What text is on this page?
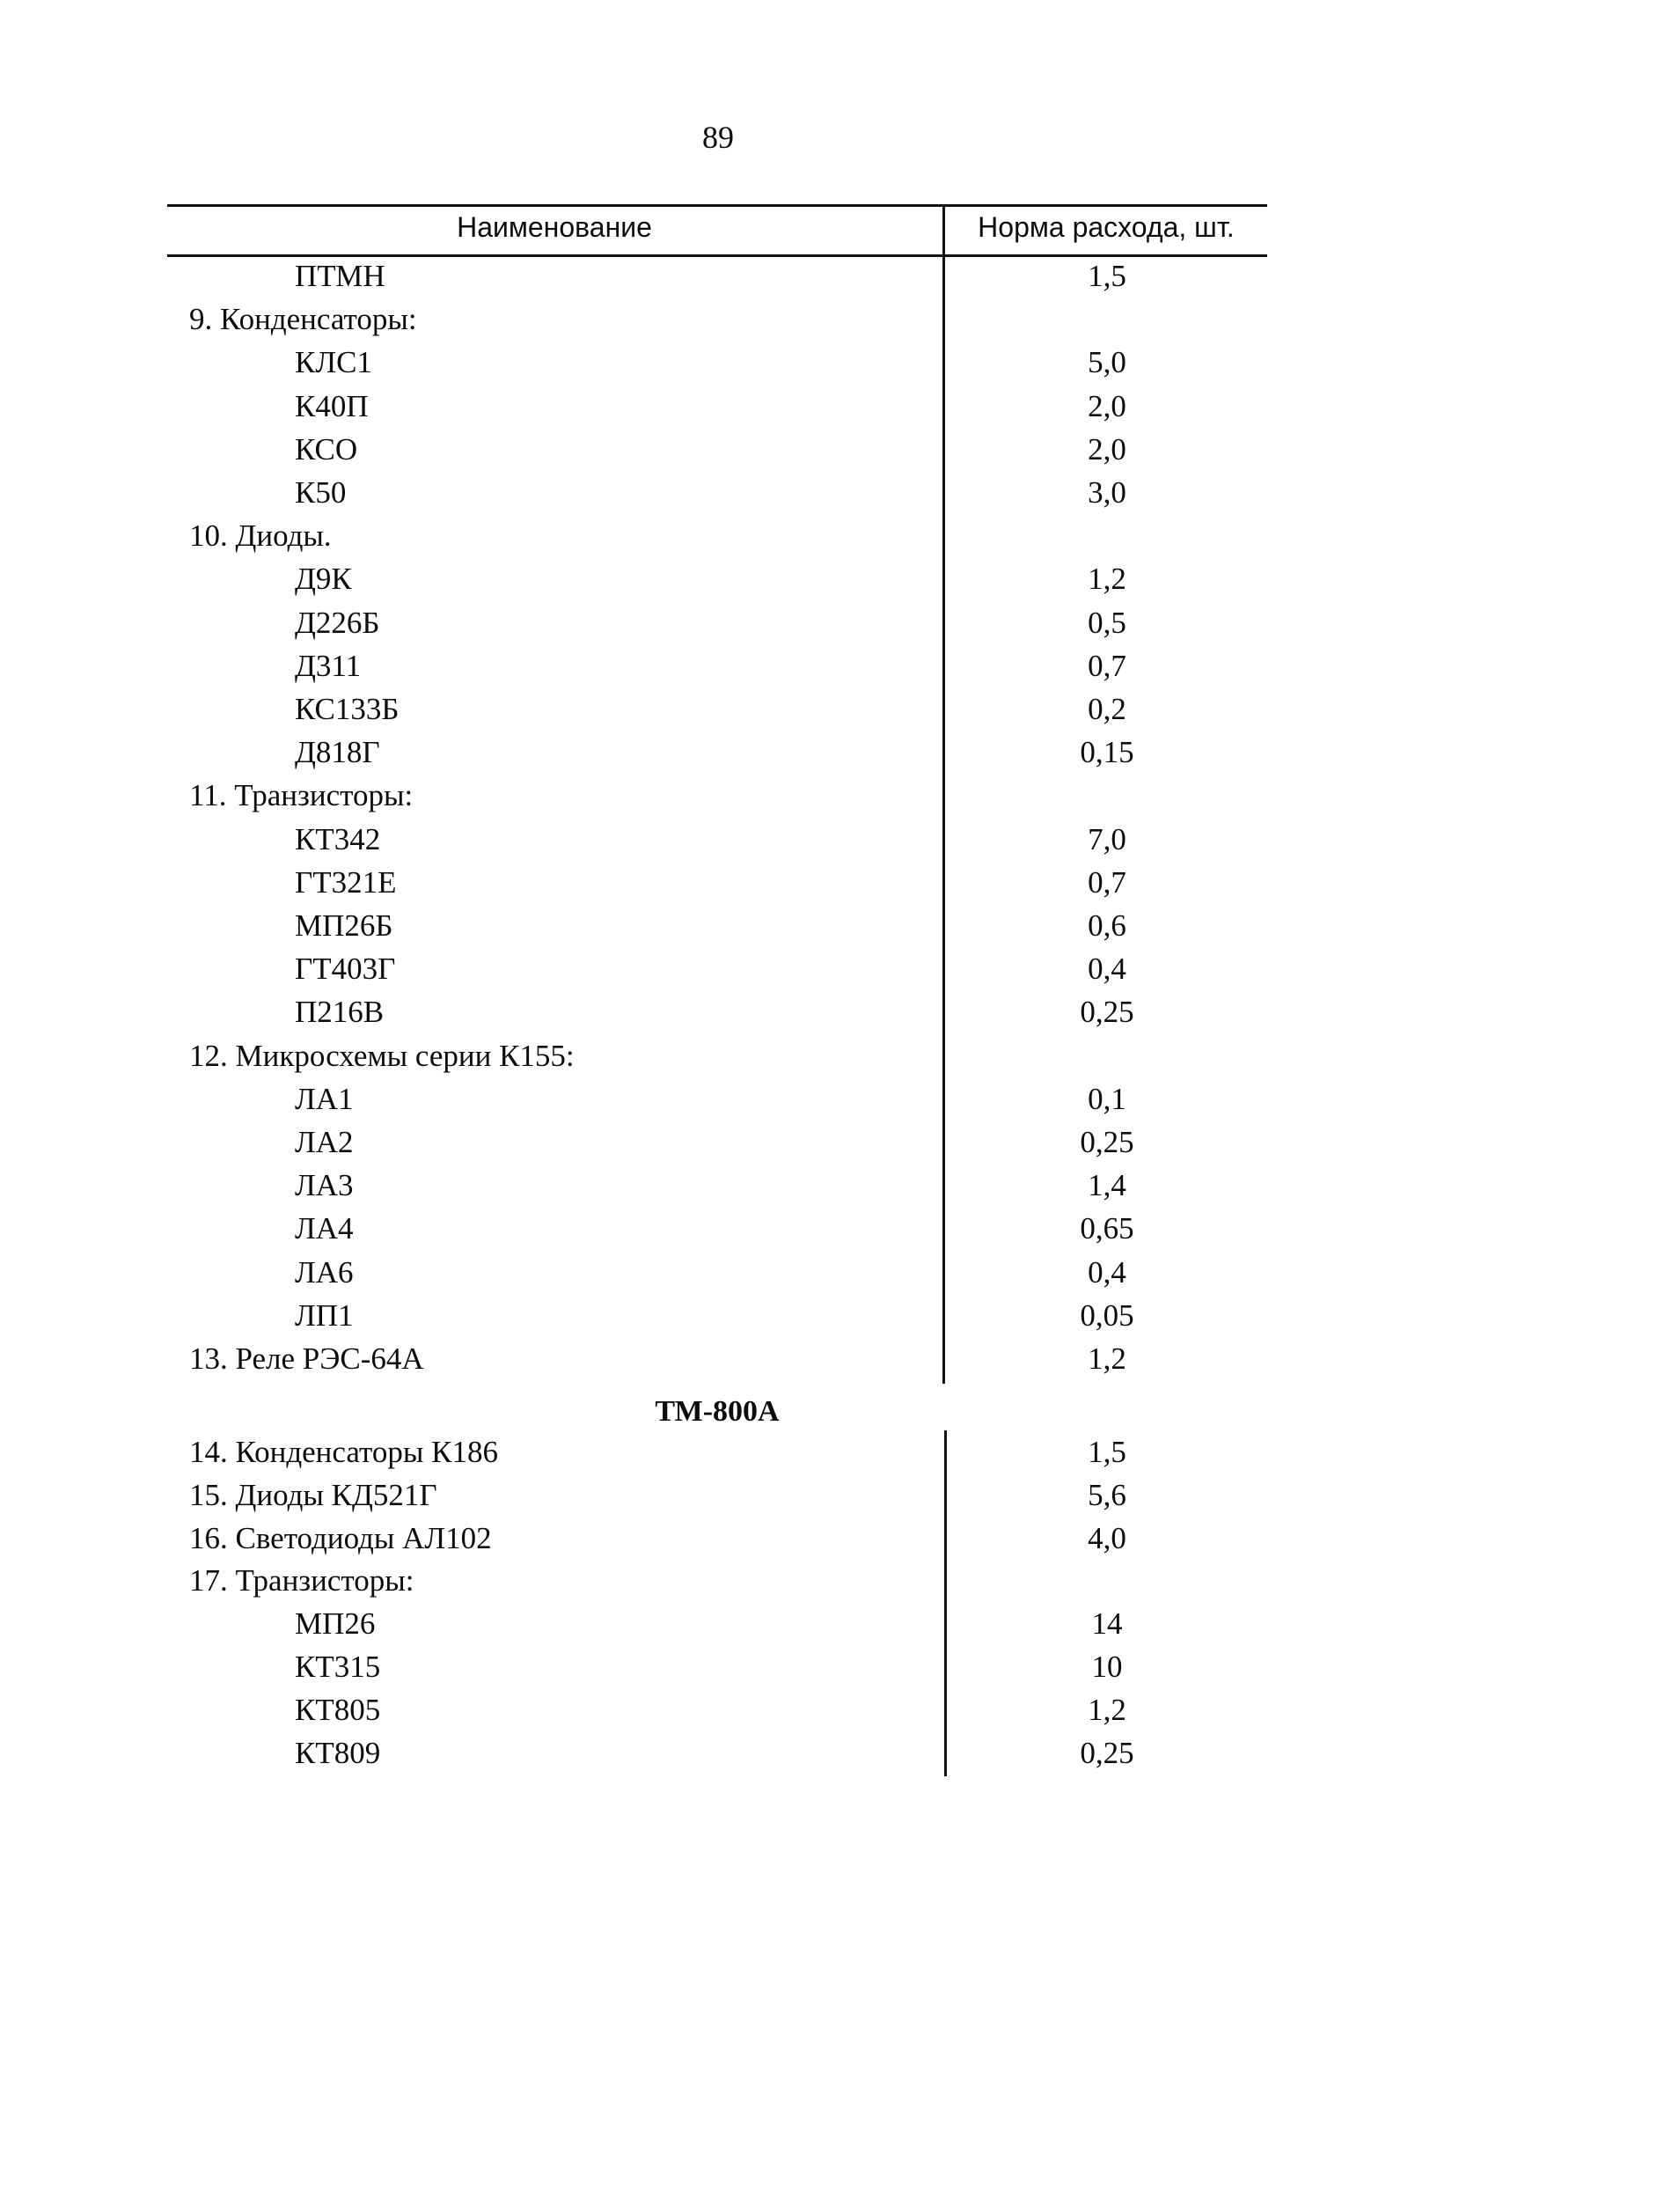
89
Наименование	Норма расхода, шт.
ПТМН	1,5
9. Конденсаторы:
КЛС1	5,0
К40П	2,0
КСО	2,0
К50	3,0
10. Диоды.
Д9К	1,2
Д226Б	0,5
Д311	0,7
КС133Б	0,2
Д818Г	0,15
11. Транзисторы:
КТ342	7,0
ГТ321Е	0,7
МП26Б	0,6
ГТ403Г	0,4
П216В	0,25
12. Микросхемы серии К155:
ЛА1	0,1
ЛА2	0,25
ЛА3	1,4
ЛА4	0,65
ЛА6	0,4
ЛП1	0,05
13. Реле РЭС-64А	1,2
14. Конденсаторы К186	1,5
15. Диоды КД521Г	5,6
16. Светодиоды АЛ102	4,0
17. Транзисторы:
МП26	14
КТ315	10
КТ805	1,2
КТ809	0,25
ТМ-800А
